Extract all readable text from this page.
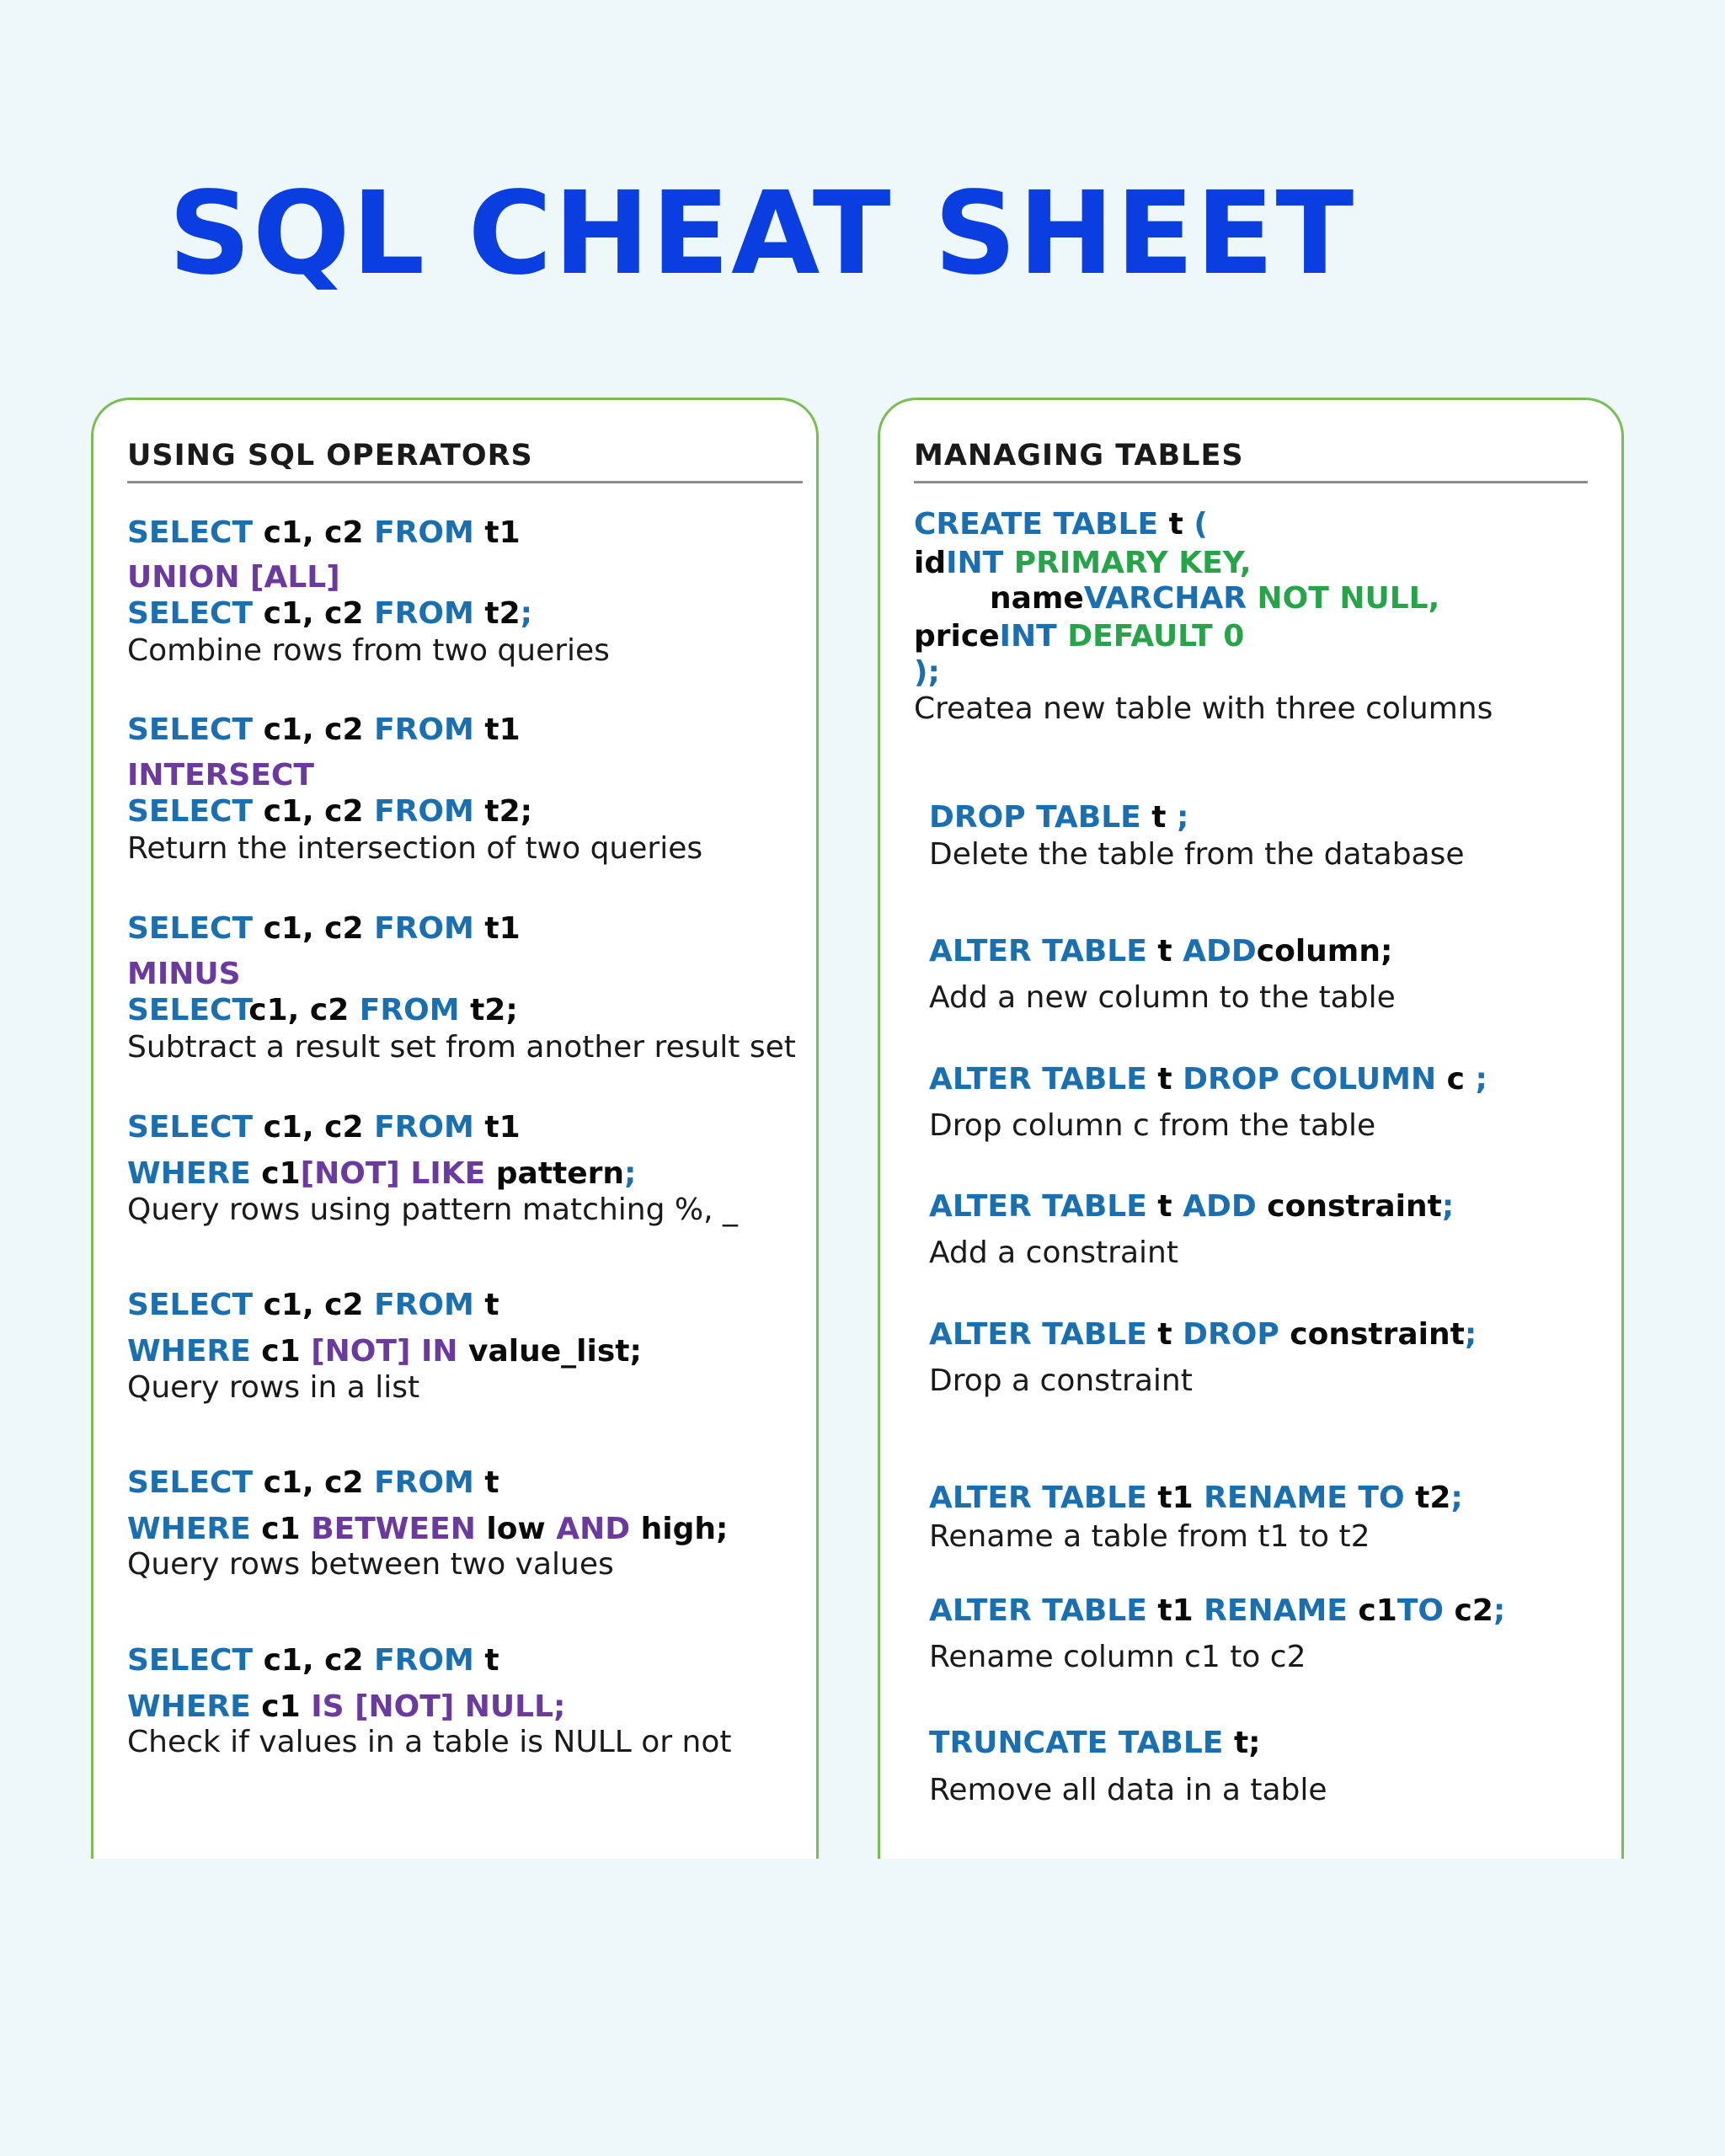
SQL CHEAT SHEET
USING SQL OPERATORS
SELECT c1, c2 FROM t1
UNION [ALL]
SELECT c1, c2 FROM t2;
Combine rows from two queries
SELECT c1, c2 FROM t1
INTERSECT
SELECT c1, c2 FROM t2;
Return the intersection of two queries
SELECT c1, c2 FROM t1
MINUS
SELECTc1, c2 FROM t2;
Subtract a result set from another result set
SELECT c1, c2 FROM t1
WHERE c1[NOT] LIKE pattern;
Query rows using pattern matching %, _
SELECT c1, c2 FROM t
WHERE c1 [NOT] IN value_list;
Query rows in a list
SELECT c1, c2 FROM t
WHERE c1 BETWEEN low AND high;
Query rows between two values
SELECT c1, c2 FROM t
WHERE c1 IS [NOT] NULL;
Check if values in a table is NULL or not
MANAGING TABLES
CREATE TABLE t (
idINT PRIMARY KEY,
nameVARCHAR NOT NULL,
priceINT DEFAULT 0
);
Createa new table with three columns
DROP TABLE t ;
Delete the table from the database
ALTER TABLE t ADDcolumn;
Add a new column to the table
ALTER TABLE t DROP COLUMN c ;
Drop column c from the table
ALTER TABLE t ADD constraint;
Add a constraint
ALTER TABLE t DROP constraint;
Drop a constraint
ALTER TABLE t1 RENAME TO t2;
Rename a table from t1 to t2
ALTER TABLE t1 RENAME c1TO c2;
Rename column c1 to c2
TRUNCATE TABLE t;
Remove all data in a table
